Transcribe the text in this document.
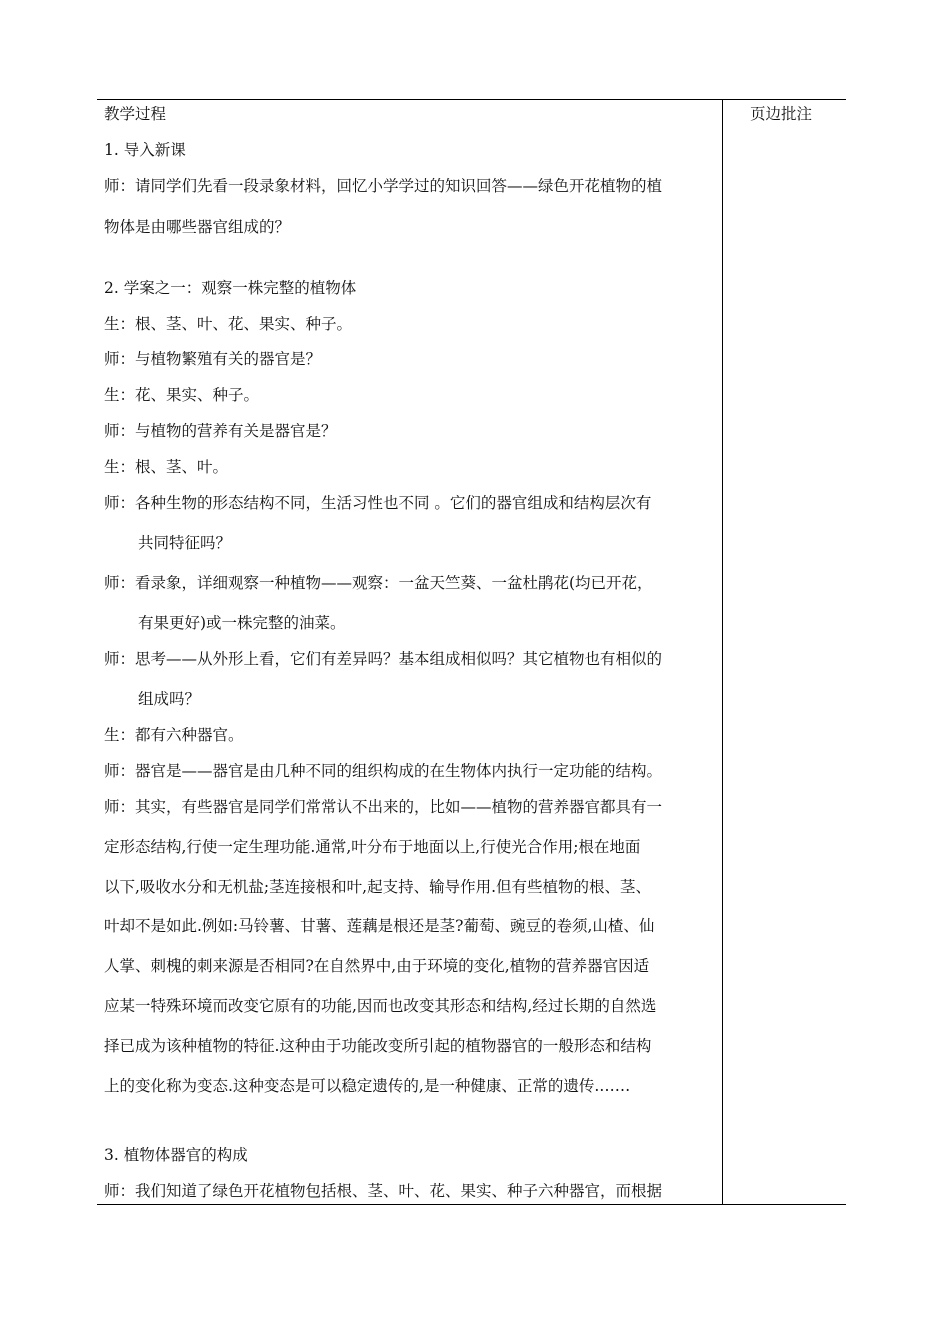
教学过程
1. 导入新课
师：请同学们先看一段录象材料，回忆小学学过的知识回答——绿色开花植物的植
物体是由哪些器官组成的？
2. 学案之一：观察一株完整的植物体
生：根、茎、叶、花、果实、种子。
师：与植物繁殖有关的器官是？
生：花、果实、种子。
师：与植物的营养有关是器官是？
生：根、茎、叶。
师：各种生物的形态结构不同，生活习性也不同 。它们的器官组成和结构层次有
共同特征吗？
师：看录象，详细观察一种植物——观察：一盆天竺葵、一盆杜鹃花(均已开花，
有果更好)或一株完整的油菜。
师：思考——从外形上看，它们有差异吗？基本组成相似吗？其它植物也有相似的
组成吗？
生：都有六种器官。
师：器官是——器官是由几种不同的组织构成的在生物体内执行一定功能的结构。
师：其实，有些器官是同学们常常认不出来的，比如——植物的营养器官都具有一
定形态结构,行使一定生理功能.通常,叶分布于地面以上,行使光合作用;根在地面
以下,吸收水分和无机盐;茎连接根和叶,起支持、输导作用.但有些植物的根、茎、
叶却不是如此.例如:马铃薯、甘薯、莲藕是根还是茎?葡萄、豌豆的卷须,山楂、仙
人掌、刺槐的刺来源是否相同?在自然界中,由于环境的变化,植物的营养器官因适
应某一特殊环境而改变它原有的功能,因而也改变其形态和结构,经过长期的自然选
择已成为该种植物的特征.这种由于功能改变所引起的植物器官的一般形态和结构
上的变化称为变态.这种变态是可以稳定遗传的,是一种健康、正常的遗传.……
3. 植物体器官的构成
师：我们知道了绿色开花植物包括根、茎、叶、花、果实、种子六种器官，而根据
页边批注
